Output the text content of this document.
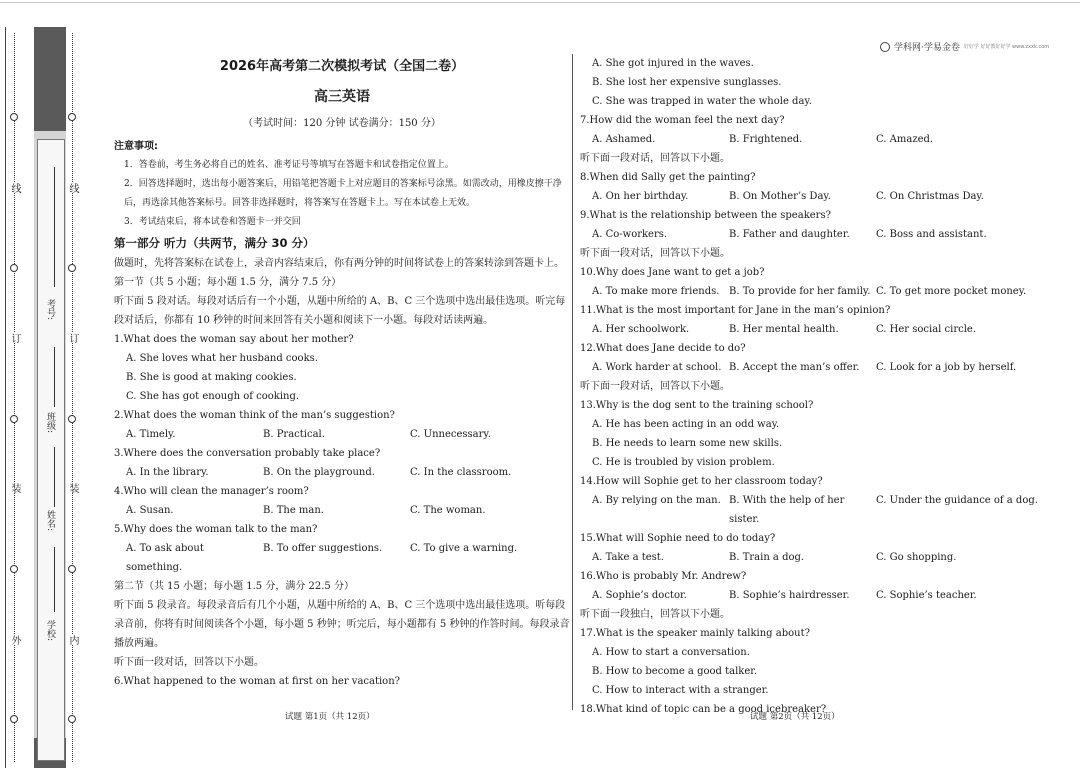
线
订
装
外
线
订
装
内
考号:
班级:
姓名:
学校:
学科网·学易金卷 好好学 好好教好好学 www.zxxk.com
2026年高考第二次模拟考试（全国二卷）
高三英语
（考试时间：120 分钟 试卷满分：150 分）

注意事项:

1．答卷前，考生务必将自己的姓名、准考证号等填写在答题卡和试卷指定位置上。

2．回答选择题时，选出每小题答案后，用铅笔把答题卡上对应题目的答案标号涂黑。如需改动，用橡皮擦干净后，再选涂其他答案标号。回答非选择题时，将答案写在答题卡上。写在本试卷上无效。

3．考试结束后，将本试卷和答题卡一并交回

第一部分 听力（共两节，满分 30 分）

做题时，先将答案标在试卷上，录音内容结束后，你有两分钟的时间将试卷上的答案转涂到答题卡上。

第一节（共 5 小题；每小题 1.5 分，满分 7.5 分）

听下面 5 段对话。每段对话后有一个小题，从题中所给的 A、B、C 三个选项中选出最佳选项。听完每段对话后，你都有 10 秒钟的时间来回答有关小题和阅读下一小题。每段对话读两遍。

1.What does the woman say about her mother?

A. She loves what her husband cooks.

B. She is good at making cookies.

C. She has got enough of cooking.

2.What does the woman think of the man’s suggestion?

A. Timely.	B. Practical.	C. Unnecessary.

3.Where does the conversation probably take place?

A. In the library.	B. On the playground.	C. In the classroom.

4.Who will clean the manager’s room?

A. Susan.	B. The man.	C. The woman.

5.Why does the woman talk to the man?

A. To ask about something.
B. To offer suggestions.	C. To give a warning.

第二节（共 15 小题；每小题 1.5 分，满分 22.5 分）

听下面 5 段录音。每段录音后有几个小题，从题中所给的 A、B、C 三个选项中选出最佳选项。听每段录音前，你将有时间阅读各个小题，每小题 5 秒钟；听完后，每小题都有 5 秒钟的作答时间。每段录音播放两遍。

听下面一段对话，回答以下小题。

6.What happened to the woman at first on her vacation?

A. She got injured in the waves.

B. She lost her expensive sunglasses.

C. She was trapped in water the whole day.

7.How did the woman feel the next day?

A. Ashamed.	B. Frightened.	C. Amazed.

听下面一段对话，回答以下小题。

8.When did Sally get the painting?

A. On her birthday.	B. On Mother’s Day.	C. On Christmas Day.

9.What is the relationship between the speakers?

A. Co-workers.	B. Father and daughter.	C. Boss and assistant.

听下面一段对话，回答以下小题。

10.Why does Jane want to get a job?

A. To make more friends. B. To provide for her family. C. To get more pocket money.

11.What is the most important for Jane in the man’s opinion?

A. Her schoolwork.	B. Her mental health.	C. Her social circle.

12.What does Jane decide to do?

A. Work harder at school. B. Accept the man’s offer.	C. Look for a job by herself.

听下面一段对话，回答以下小题。

13.Why is the dog sent to the training school?

A. He has been acting in an odd way.

B. He needs to learn some new skills.

C. He is troubled by vision problem.

14.How will Sophie get to her classroom today?

A. By relying on the man. B. With the help of her sister.
C. Under the guidance of a dog.

15.What will Sophie need to do today?

A. Take a test.	B. Train a dog.	C. Go shopping.

16.Who is probably Mr. Andrew?

A. Sophie’s doctor.	B. Sophie’s hairdresser.	C. Sophie’s teacher.

听下面一段独白，回答以下小题。

17.What is the speaker mainly talking about?

A. How to start a conversation.

B. How to become a good talker.

C. How to interact with a stranger.

18.What kind of topic can be a good icebreaker?

试题 第1页（共 12页）	试题 第2页（共 12页）
